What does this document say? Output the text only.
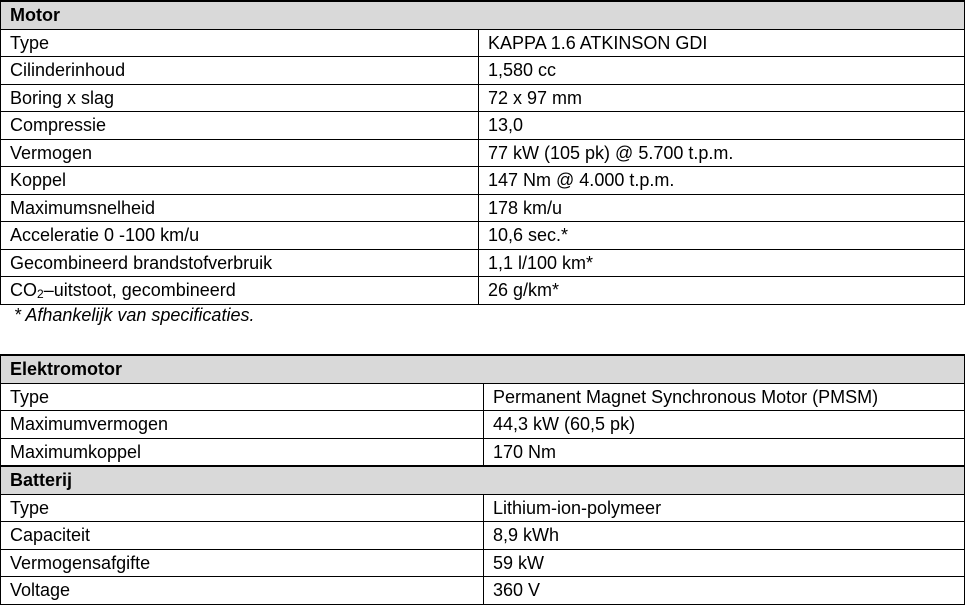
Motor	
Type	KAPPA 1.6 ATKINSON GDI
Cilinderinhoud	1,580 cc
Boring x slag	72 x 97 mm
Compressie	13,0
Vermogen	77 kW (105 pk) @ 5.700 t.p.m.
Koppel	147 Nm @ 4.000 t.p.m.
Maximumsnelheid	178 km/u
Acceleratie 0 -100 km/u	10,6 sec.*
Gecombineerd brandstofverbruik	1,1 l/100 km*
$CO_2$–uitstoot, gecombineerd	26 g/km*
* Afhankelijk van specificaties.
Elektromotor	
Type	Permanent Magnet Synchronous Motor (PMSM)
Maximumvermogen	44,3 kW (60,5 pk)
Maximumkoppel	170 Nm
Batterij	
Type	Lithium-ion-polymeer
Capaciteit	8,9 kWh
Vermogensafgifte	59 kW
Voltage	360 V
